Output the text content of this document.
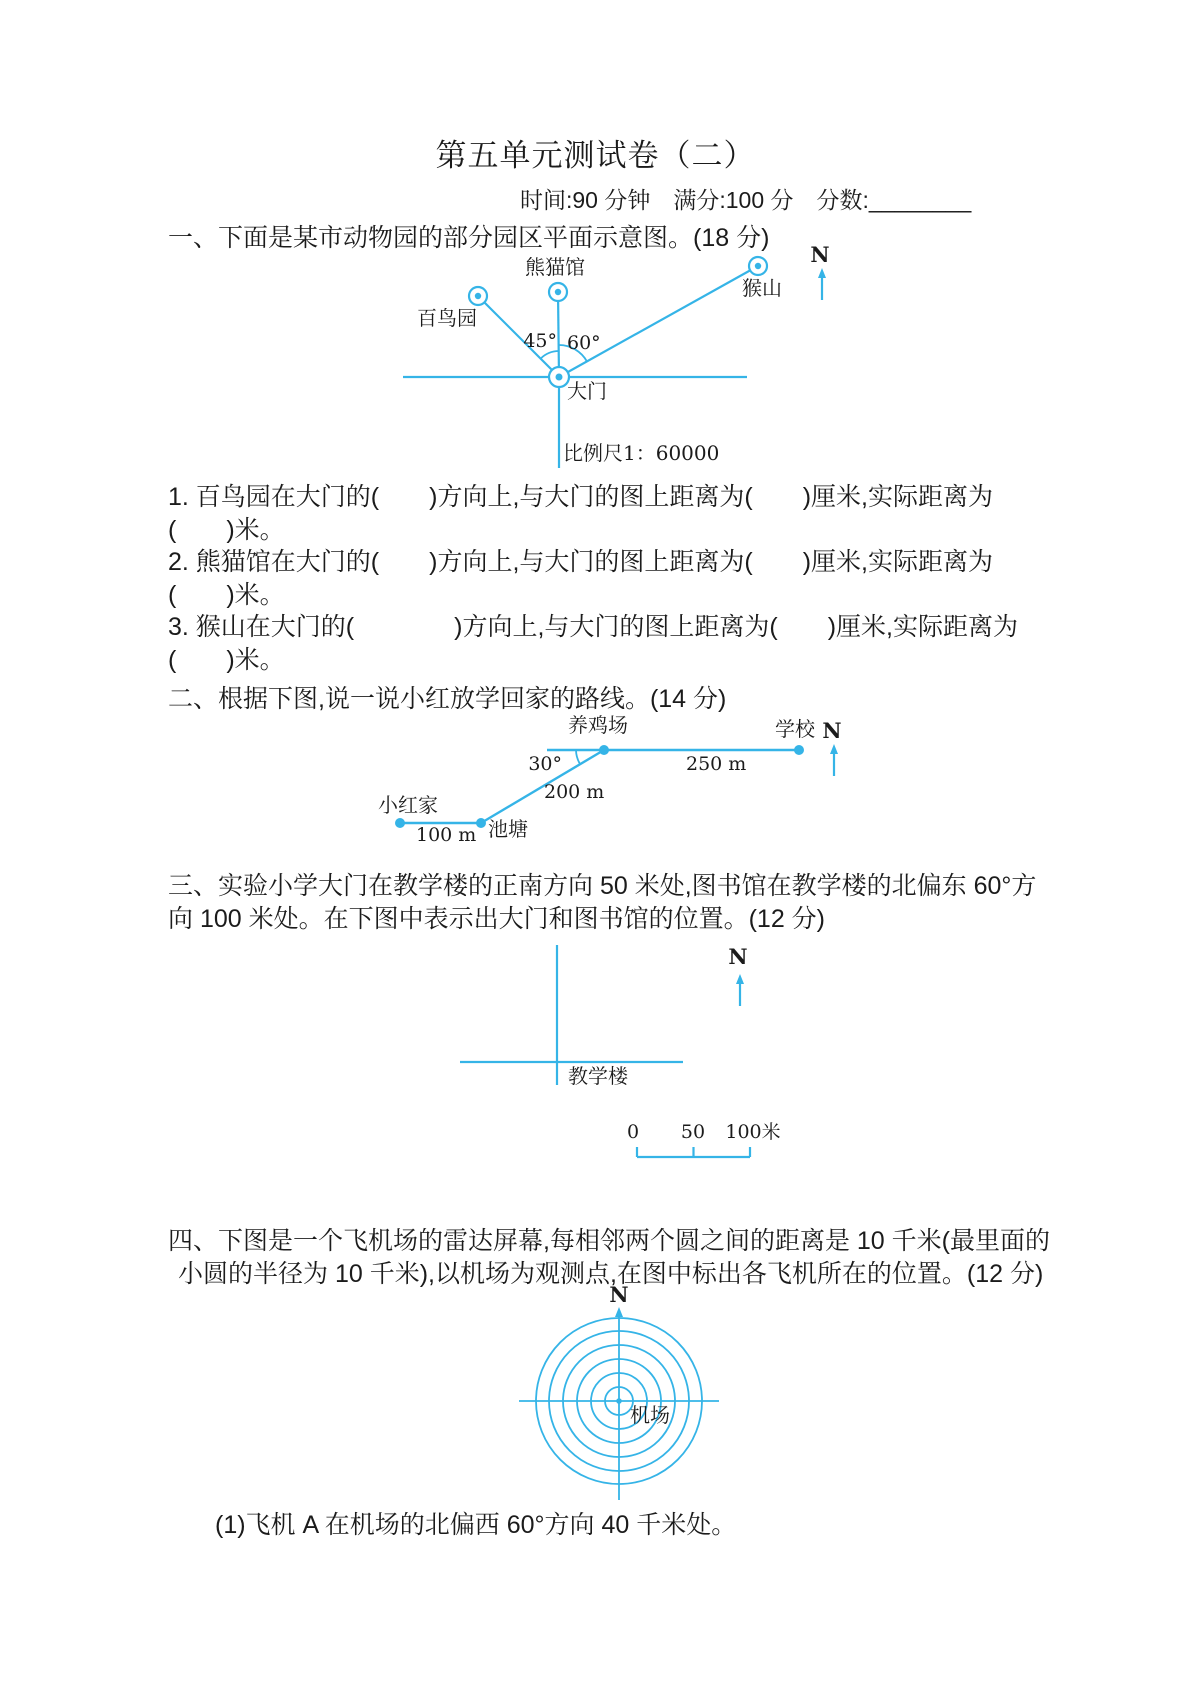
第五单元测试卷（二）
时间:90 分钟　满分:100 分　分数:________
一、下面是某市动物园的部分园区平面示意图。(18 分)
熊猫馆
百鸟园
猴山
大门
45° 60°
比例尺1：60000
N
1. 百鸟园在大门的(　　)方向上,与大门的图上距离为(　　)厘米,实际距离为
(　　)米。
2. 熊猫馆在大门的(　　)方向上,与大门的图上距离为(　　)厘米,实际距离为
(　　)米。
3. 猴山在大门的(　　　　)方向上,与大门的图上距离为(　　)厘米,实际距离为
(　　)米。
二、根据下图,说一说小红放学回家的路线。(14 分)
养鸡场	学校
小红家
池塘
30°
100 m
200 m
250 m
N
三、实验小学大门在教学楼的正南方向 50 米处,图书馆在教学楼的北偏东 60°方
向 100 米处。在下图中表示出大门和图书馆的位置。(12 分)
教学楼
N
0 50 100米
四、下图是一个飞机场的雷达屏幕,每相邻两个圆之间的距离是 10 千米(最里面的
小圆的半径为 10 千米),以机场为观测点,在图中标出各飞机所在的位置。(12 分)
N
机场
(1)飞机 A 在机场的北偏西 60°方向 40 千米处。
